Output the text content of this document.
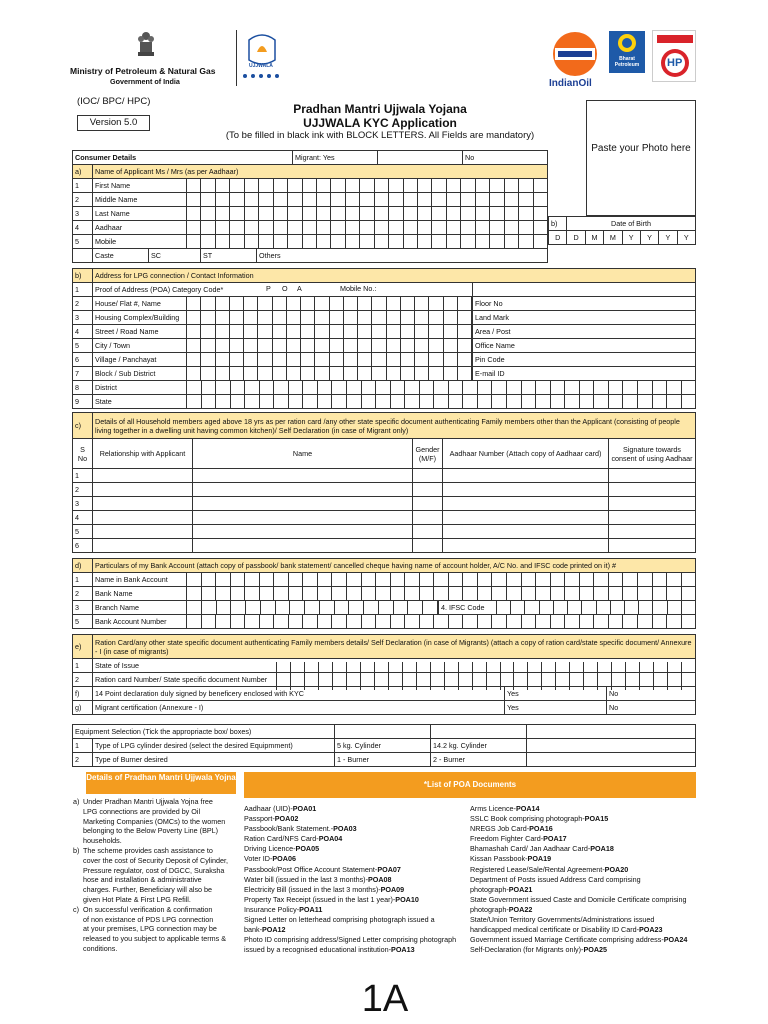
Ministry of Petroleum & Natural Gas
Government of India
UJJWALA
IndianOil
Bharat Petroleum	HP
(IOC/ BPC/ HPC)
Version 5.0
Pradhan Mantri Ujjwala Yojana
UJJWALA KYC Application
(To be filled in black ink with BLOCK LETTERS. All Fields are mandatory)
Paste your Photo here
Consumer Details	Migrant: Yes		No
a)	Name of Applicant Ms / Mrs (as per Aadhaar)
1	First Name
2	Middle Name
3	Last Name
4	Aadhaar
5	Mobile
	Caste	SC	ST	Others
b)	Date of Birth
D	D	M	M	Y	Y	Y	Y
b)	Address for LPG connection / Contact Information	
1	Proof of Address (POA) Category Code*	
2	House/ Flat #, Name	Floor No
3	Housing Complex/Building	Land Mark
4	Street / Road Name	Area / Post
5	City / Town	Office Name
6	Village / Panchayat	Pin Code
7	Block / Sub District	E-mail ID
8	District	
9	State	
P O A	Mobile No.:
c)	Details of all Household members aged above 18 yrs as per ration card /any other state specific document authenticating Family members other than the Applicant (consisting of people living together in a dwelling unit having common kitchen)/ Self Declaration (in case of Migrant only)				
S No	Relationship with Applicant	Name	Gender (M/F)	Aadhaar Number (Attach copy of Aadhaar card)	Signature towards consent of using Aadhaar
1					
2					
3					
4					
5					
6					
d)	Particulars of my Bank Account (attach copy of passbook/ bank statement/ cancelled cheque having name of account holder, A/C No. and IFSC code printed on it) #	
1	Name in Bank Account	
2	Bank Name	
3	Branch Name	4. IFSC Code
5	Bank Account Number	
e)	Ration Card/any other state specific document authenticating Family members details/ Self Declaration (in case of Migrants) (attach a copy of ration card/state specific document/ Annexure - I (in case of migrants)		
1	State of Issue		
2	Ration card Number/ State specific document Number		
f)	14 Point declaration duly signed by beneficery enclosed with KYC	Yes	No
g)	Migrant certification (Annexure - I)	Yes	No
Equipment Selection (Tick the appropriacte box/ boxes)				
1	Type of LPG cylinder desired (select the desired Equipmment)	5 kg. Cylinder	14.2 kg. Cylinder	
2	Type of Burner desired	1 - Burner	2 - Burner	
Details of Pradhan Mantri Ujjwala Yojna
a) Under Pradhan Mantri Ujjwala Yojna free
LPG connections are provided by Oil
Marketing Companies (OMCs) to the women
belonging to the Below Poverty Line (BPL)
households.
b) The scheme provides cash assistance to
cover the cost of Security Deposit of Cylinder,
Pressure regulator, cost of DGCC, Suraksha
hose and installation & administrative
charges. Further, Beneficiary will also be
given Hot Plate & First LPG Refill.
c) On successful verification & confirmation
of non existance of PDS LPG connection
at your premises, LPG connection may be
released to you subject to applicable terms &
conditions.
*List of POA Documents
Aadhaar (UID)-POA01
Passport-POA02
Passbook/Bank Statement.-POA03
Ration Card/NFS Card-POA04
Driving Licence-POA05
Voter ID-POA06
Passbook/Post Office Account Statement-POA07
Water bill (issued in the last 3 months)-POA08
Electricity Bill (issued in the last 3 months)-POA09
Property Tax Receipt (issued in the last 1 year)-POA10
Insurance Policy-POA11
Signed Letter on letterhead comprising photograph issued a
bank-POA12
Photo ID comprising address/Signed Letter comprising photograph
issued by a recognised educational institution-POA13
Arms Licence-POA14
SSLC Book comprising photograph-POA15
NREGS Job Card-POA16
Freedom Fighter Card-POA17
Bhamashah Card/ Jan Aadhaar Card-POA18
Kissan Passbook-POA19
Registered Lease/Sale/Rental Agreement-POA20
Department of Posts issued Address Card comprising
photograph-POA21
State Government issued Caste and Domicile Certificate comprising
photograph-POA22
State/Union Territory Governments/Administrations issued
handicapped medical certificate or Disability ID Card-POA23
Government issued Marriage Certificate comprising address-POA24
Self-Declaration (for Migrants only)-POA25
1A
